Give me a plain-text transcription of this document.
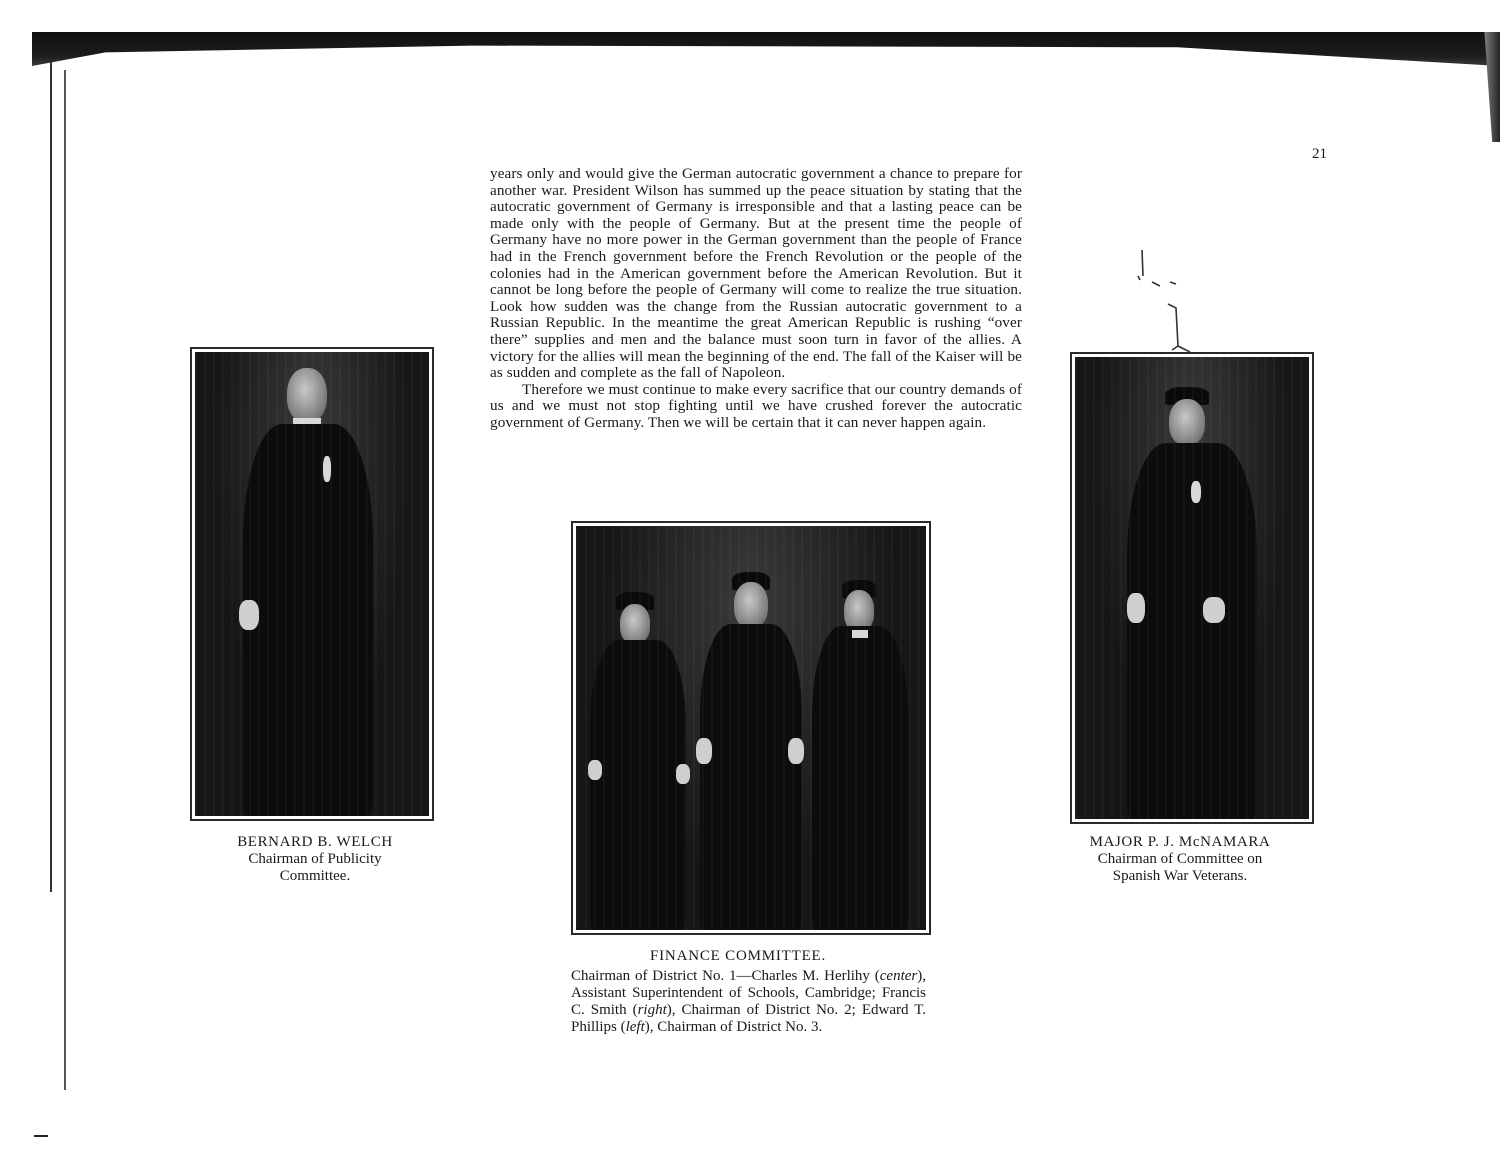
21

years only and would give the German autocratic government a chance to prepare for another war. President Wilson has summed up the peace situation by stating that the autocratic government of Germany is irresponsible and that a lasting peace can be made only with the people of Germany. But at the present time the people of Germany have no more power in the German government than the people of France had in the French government before the French Revolution or the people of the colonies had in the American government before the American Revolution. But it cannot be long before the people of Germany will come to realize the true situation. Look how sudden was the change from the Russian autocratic government to a Russian Republic. In the meantime the great American Republic is rushing “over there” supplies and men and the balance must soon turn in favor of the allies. A victory for the allies will mean the beginning of the end. The fall of the Kaiser will be as sudden and complete as the fall of Napoleon.

Therefore we must continue to make every sacrifice that our country demands of us and we must not stop fighting until we have crushed forever the autocratic government of Germany. Then we will be certain that it can never happen again.

BERNARD B. WELCH
Chairman of Publicity
Committee.
FINANCE COMMITTEE.
Chairman of District No. 1—Charles M. Herlihy (center), Assistant Superintendent of Schools, Cambridge; Francis C. Smith (right), Chairman of District No. 2; Edward T. Phillips (left), Chairman of District No. 3.
MAJOR P. J. McNAMARA
Chairman of Committee on
Spanish War Veterans.
